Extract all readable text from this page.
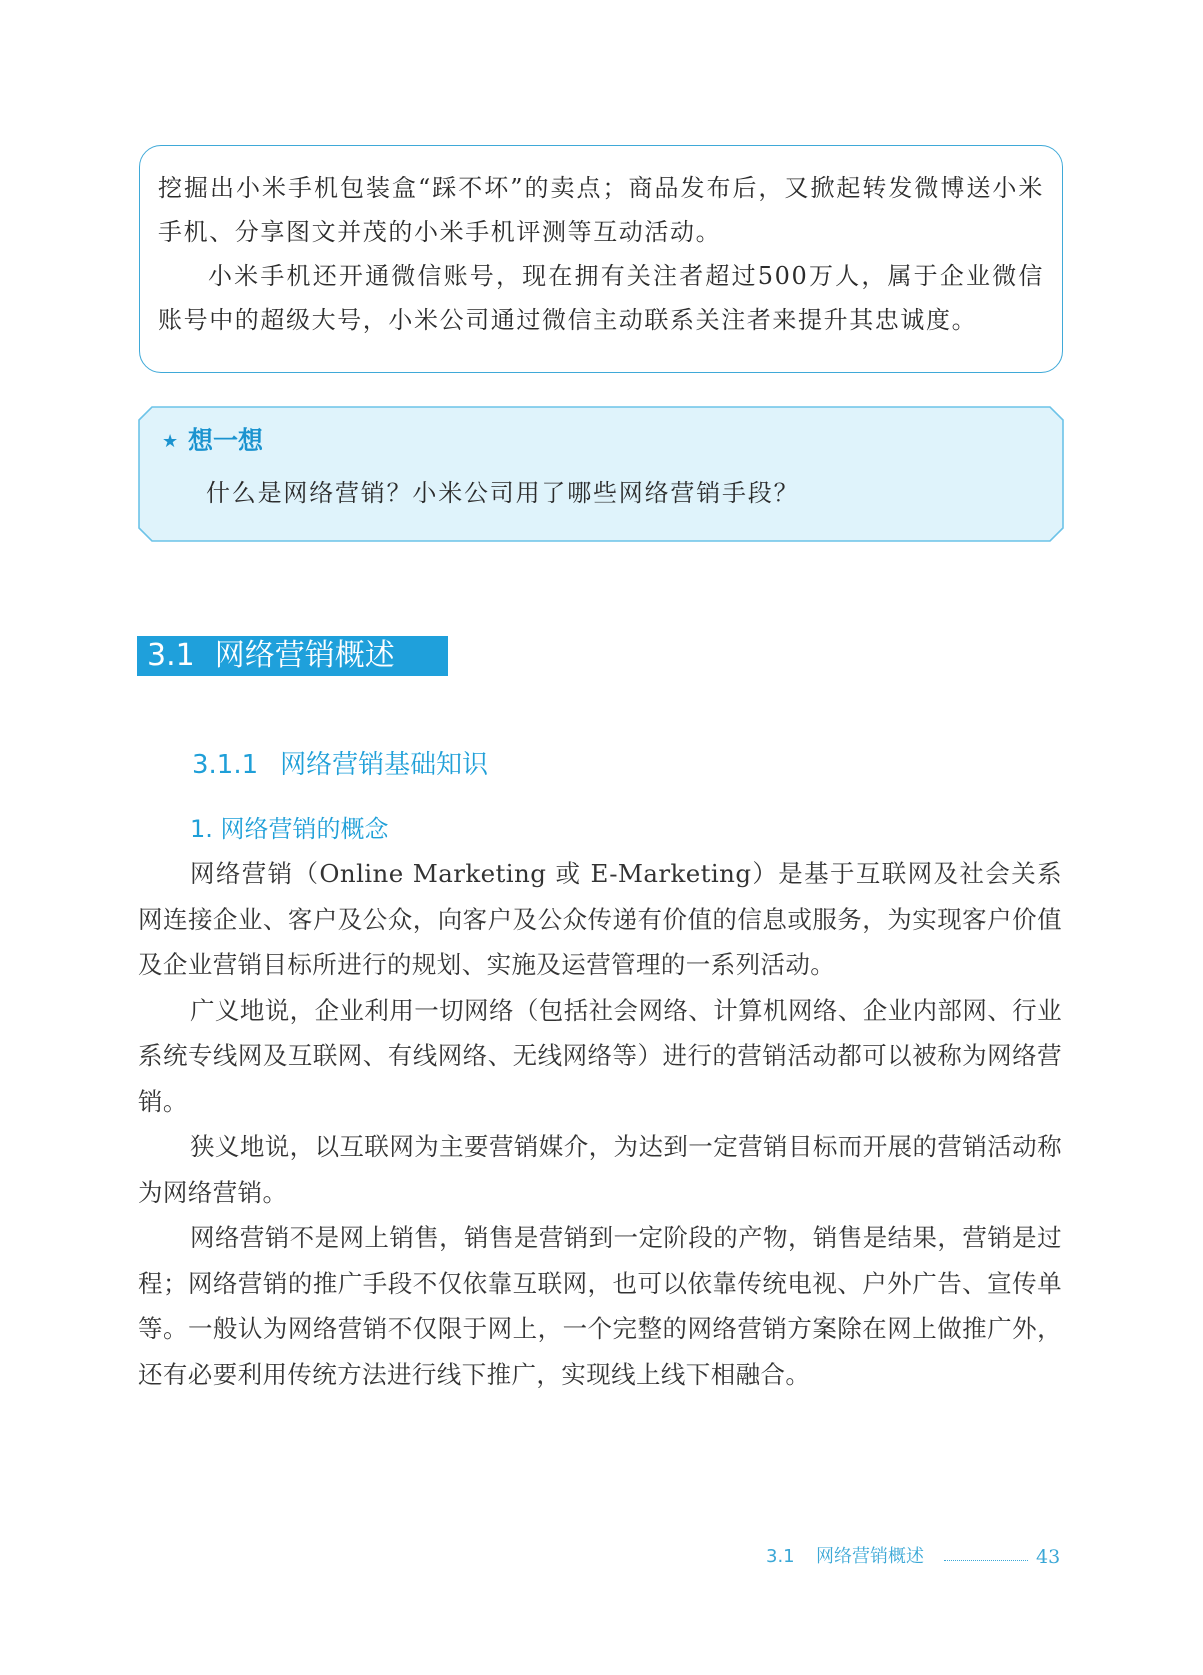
挖掘出小米手机包装盒“踩不坏”的卖点；商品发布后，又掀起转发微博送小米手机、分享图文并茂的小米手机评测等互动活动。

小米手机还开通微信账号，现在拥有关注者超过500万人，属于企业微信账号中的超级大号，小米公司通过微信主动联系关注者来提升其忠诚度。

★ 想一想
什么是网络营销？小米公司用了哪些网络营销手段？
3.1 网络营销概述
3.1.1 网络营销基础知识
1. 网络营销的概念

网络营销（Online Marketing 或 E-Marketing）是基于互联网及社会关系网连接企业、客户及公众，向客户及公众传递有价值的信息或服务，为实现客户价值及企业营销目标所进行的规划、实施及运营管理的一系列活动。

广义地说，企业利用一切网络（包括社会网络、计算机网络、企业内部网、行业系统专线网及互联网、有线网络、无线网络等）进行的营销活动都可以被称为网络营销。

狭义地说，以互联网为主要营销媒介，为达到一定营销目标而开展的营销活动称为网络营销。

网络营销不是网上销售，销售是营销到一定阶段的产物，销售是结果，营销是过程；网络营销的推广手段不仅依靠互联网，也可以依靠传统电视、户外广告、宣传单等。一般认为网络营销不仅限于网上，一个完整的网络营销方案除在网上做推广外，还有必要利用传统方法进行线下推广，实现线上线下相融合。

3.1 网络营销概述	43
